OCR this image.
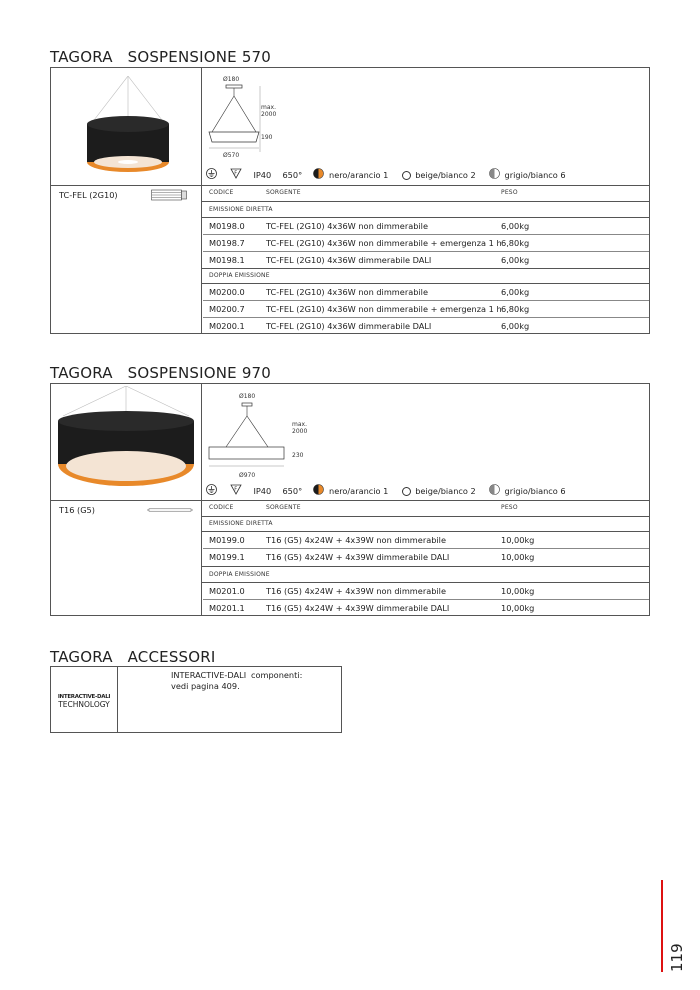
TAGORA   SOSPENSIONE 570
Ø180
max.
2000
190
Ø570

F IP40 650°	nero/arancio 1	beige/bianco 2	grigio/bianco 6
TC-FEL (2G10)	CODICE	SORGENTE	PESO
EMISSIONE DIRETTA
M0198.0	TC-FEL (2G10) 4x36W non dimmerabile	6,00kg
M0198.7	TC-FEL (2G10) 4x36W non dimmerabile + emergenza 1 h 6,80kg
M0198.1	TC-FEL (2G10) 4x36W dimmerabile DALI	6,00kg
DOPPIA EMISSIONE
M0200.0	TC-FEL (2G10) 4x36W non dimmerabile	6,00kg
M0200.7	TC-FEL (2G10) 4x36W non dimmerabile + emergenza 1 h 6,80kg
M0200.1	TC-FEL (2G10) 4x36W dimmerabile DALI	6,00kg
TAGORA   SOSPENSIONE 970
Ø180
max.
2000
230
Ø970

F IP40 650°	nero/arancio 1	beige/bianco 2	grigio/bianco 6
T16 (G5)	CODICE	SORGENTE	PESO
EMISSIONE DIRETTA
M0199.0	T16 (G5) 4x24W + 4x39W non dimmerabile	10,00kg
M0199.1	T16 (G5) 4x24W + 4x39W dimmerabile DALI	10,00kg
DOPPIA EMISSIONE
M0201.0	T16 (G5) 4x24W + 4x39W non dimmerabile	10,00kg
M0201.1	T16 (G5) 4x24W + 4x39W dimmerabile DALI	10,00kg
TAGORA   ACCESSORI
INTERACTIVE-DALI
TECHNOLOGY
INTERACTIVE-DALI componenti:
vedi pagina 409.
119
